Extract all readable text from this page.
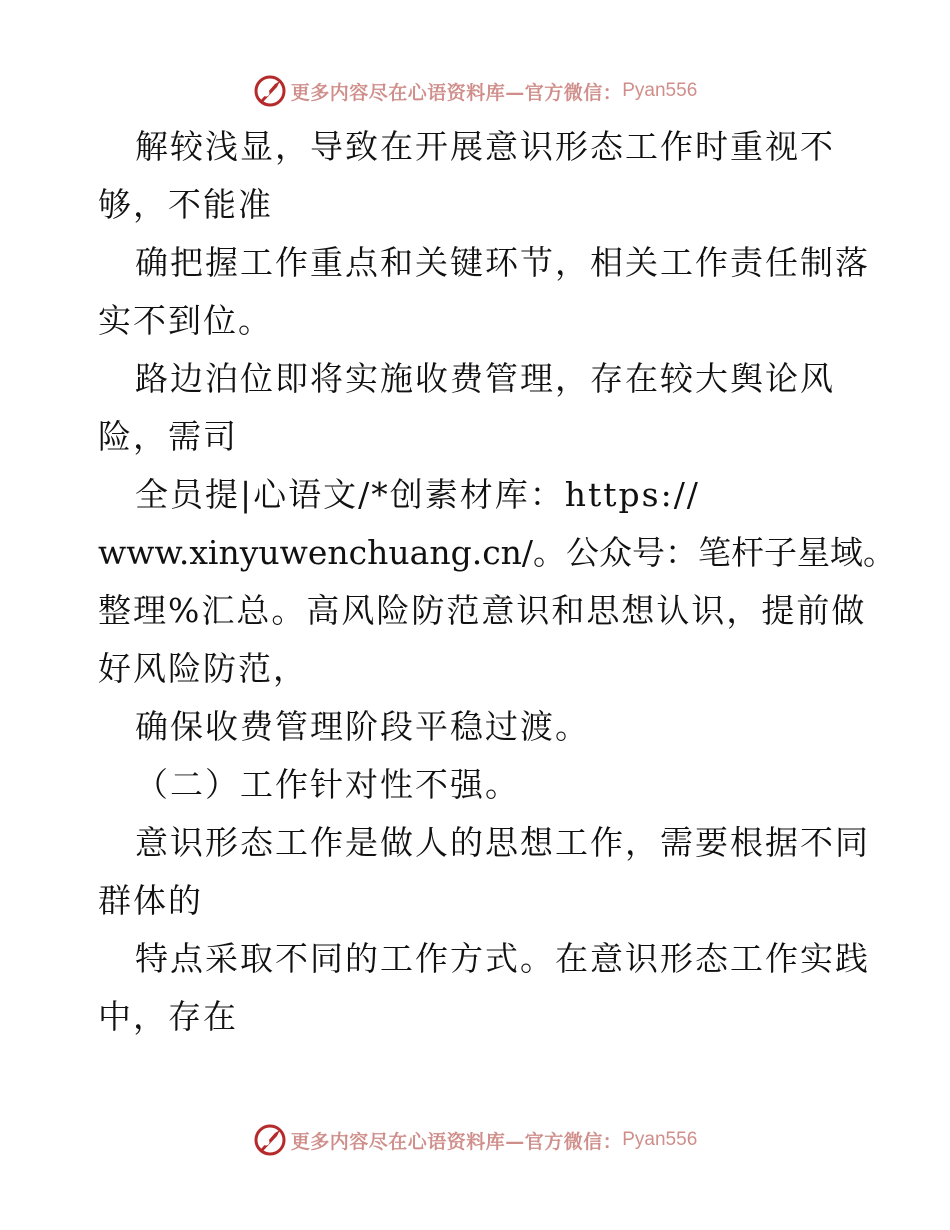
更多内容尽在心语资料库—官方微信： Pyan556
解较浅显，导致在开展意识形态工作时重视不
够，不能准
确把握工作重点和关键环节，相关工作责任制落
实不到位。
路边泊位即将实施收费管理，存在较大舆论风
险，需司
全员提|心语文/*创素材库：https://
www.xinyuwenchuang.cn/。公众号：笔杆子星域。
整理%汇总。高风险防范意识和思想认识，提前做
好风险防范，
确保收费管理阶段平稳过渡。
（二）工作针对性不强。
意识形态工作是做人的思想工作，需要根据不同
群体的
特点采取不同的工作方式。在意识形态工作实践
中，存在
更多内容尽在心语资料库—官方微信： Pyan556
